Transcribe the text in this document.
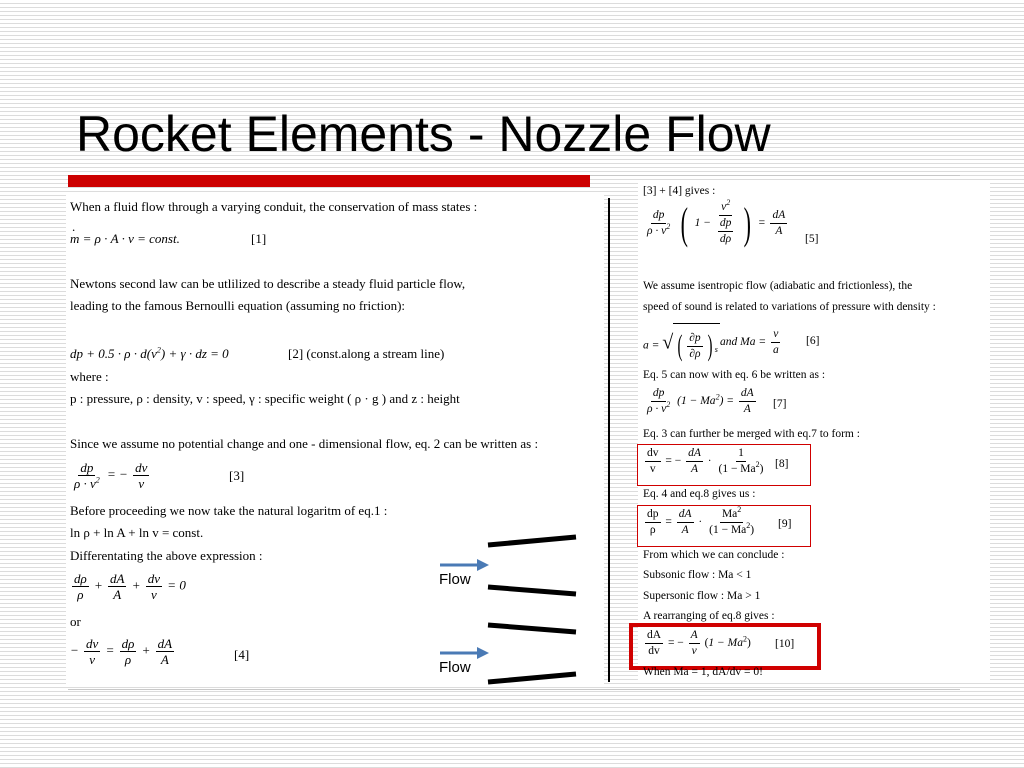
Rocket Elements - Nozzle Flow
When a fluid flow through a varying conduit, the conservation of mass states :
.
m = ρ · A · v = const.	[1]
Newtons second law can be utlilized to describe a steady fluid particle flow,
leading to the famous Bernoulli equation (assuming no friction):
dp + $0.5 \cdot \rho \cdot d(v^2) + \gamma$ · dz = 0	[2] (const.along a stream line)
where :
p : pressure, ρ : density, v : speed, γ : specific weight ( ρ · g ) and z : height
Since we assume no potential change and one - dimensional flow, eq. 2 can be written as :
$\frac{dp}{\rho \cdot v^2}$ = − $\frac{dv}{v}$	[3]
Before proceeding we now take the natural logaritm of eq.1 :
ln ρ + ln A + ln v = const.
Differentating the above expression :
$\frac{d\rho}{\rho} + \frac{dA}{A} + \frac{dv}{v} = 0$
or
− $\frac{dv}{v} = \frac{d\rho}{\rho} + \frac{dA}{A}$	[4]
[3] + [4] gives :
$\frac{dp}{\rho \cdot v^2}$ ( $1 - \frac{v^2}{\frac{dp}{d\rho}}$ ) = $\frac{dA}{A} [5]$
We assume isentropic flow (adiabatic and frictionless), the
speed of sound is related to variations of pressure with density :
a = √ ( $\frac{\partial p}{\partial\rho}$ ) $_s$
and $Ma = \frac{v}{a} [6]$
Eq. 5 can now with eq. 6 be written as :
$\frac{dp}{\rho \cdot v^2} (1 - Ma^2) = \frac{dA}{A} [7]$
Eq. 3 can further be merged with eq.7 to form :
$\frac{dv}{v}$ = − $\frac{dA}{A} \cdot \frac{1}{(1 - Ma^2)} [8]$
Eq. 4 and eq.8 gives us :
$\frac{dp}{\rho} = \frac{dA}{A} \cdot \frac{Ma^2}{(1 - Ma^2)} [9]$
From which we can conclude :
Subsonic flow : Ma < 1
Supersonic flow : Ma > 1
A rearranging of eq.8 gives :
$\frac{dA}{dv}$ = − $\frac{A}{v} (1 - Ma^2)$ [10]
When Ma = 1, dA/dv = 0!
Flow
Flow
